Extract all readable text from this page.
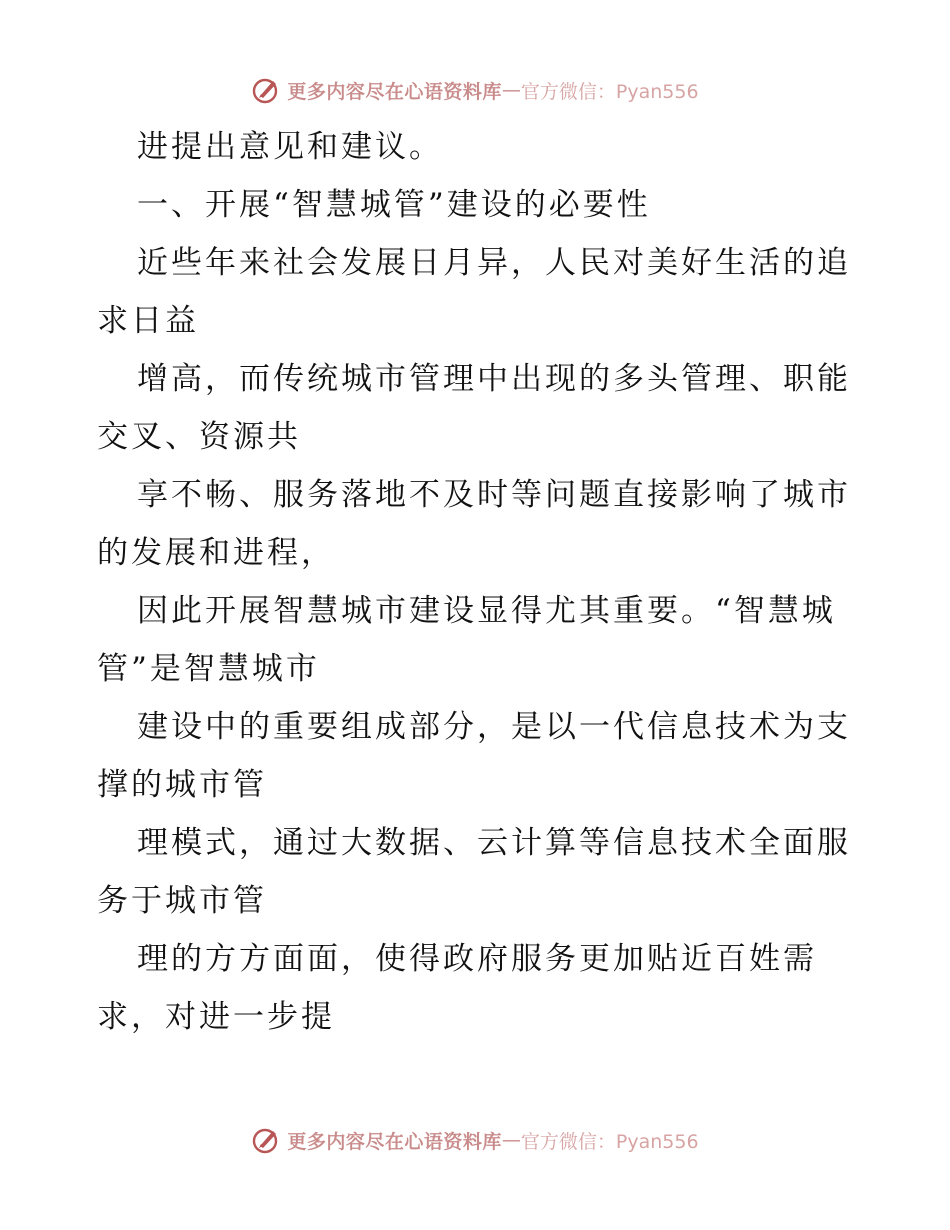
更多内容尽在心语资料库 — 官方微信：Pyan556
进提出意见和建议。
一、开展“智慧城管”建设的必要性
近些年来社会发展日月异，人民对美好生活的追
求日益
增高，而传统城市管理中出现的多头管理、职能
交叉、资源共
享不畅、服务落地不及时等问题直接影响了城市
的发展和进程，
因此开展智慧城市建设显得尤其重要。“智慧城
管”是智慧城市
建设中的重要组成部分，是以一代信息技术为支
撑的城市管
理模式，通过大数据、云计算等信息技术全面服
务于城市管
理的方方面面，使得政府服务更加贴近百姓需
求，对进一步提
更多内容尽在心语资料库 — 官方微信：Pyan556
